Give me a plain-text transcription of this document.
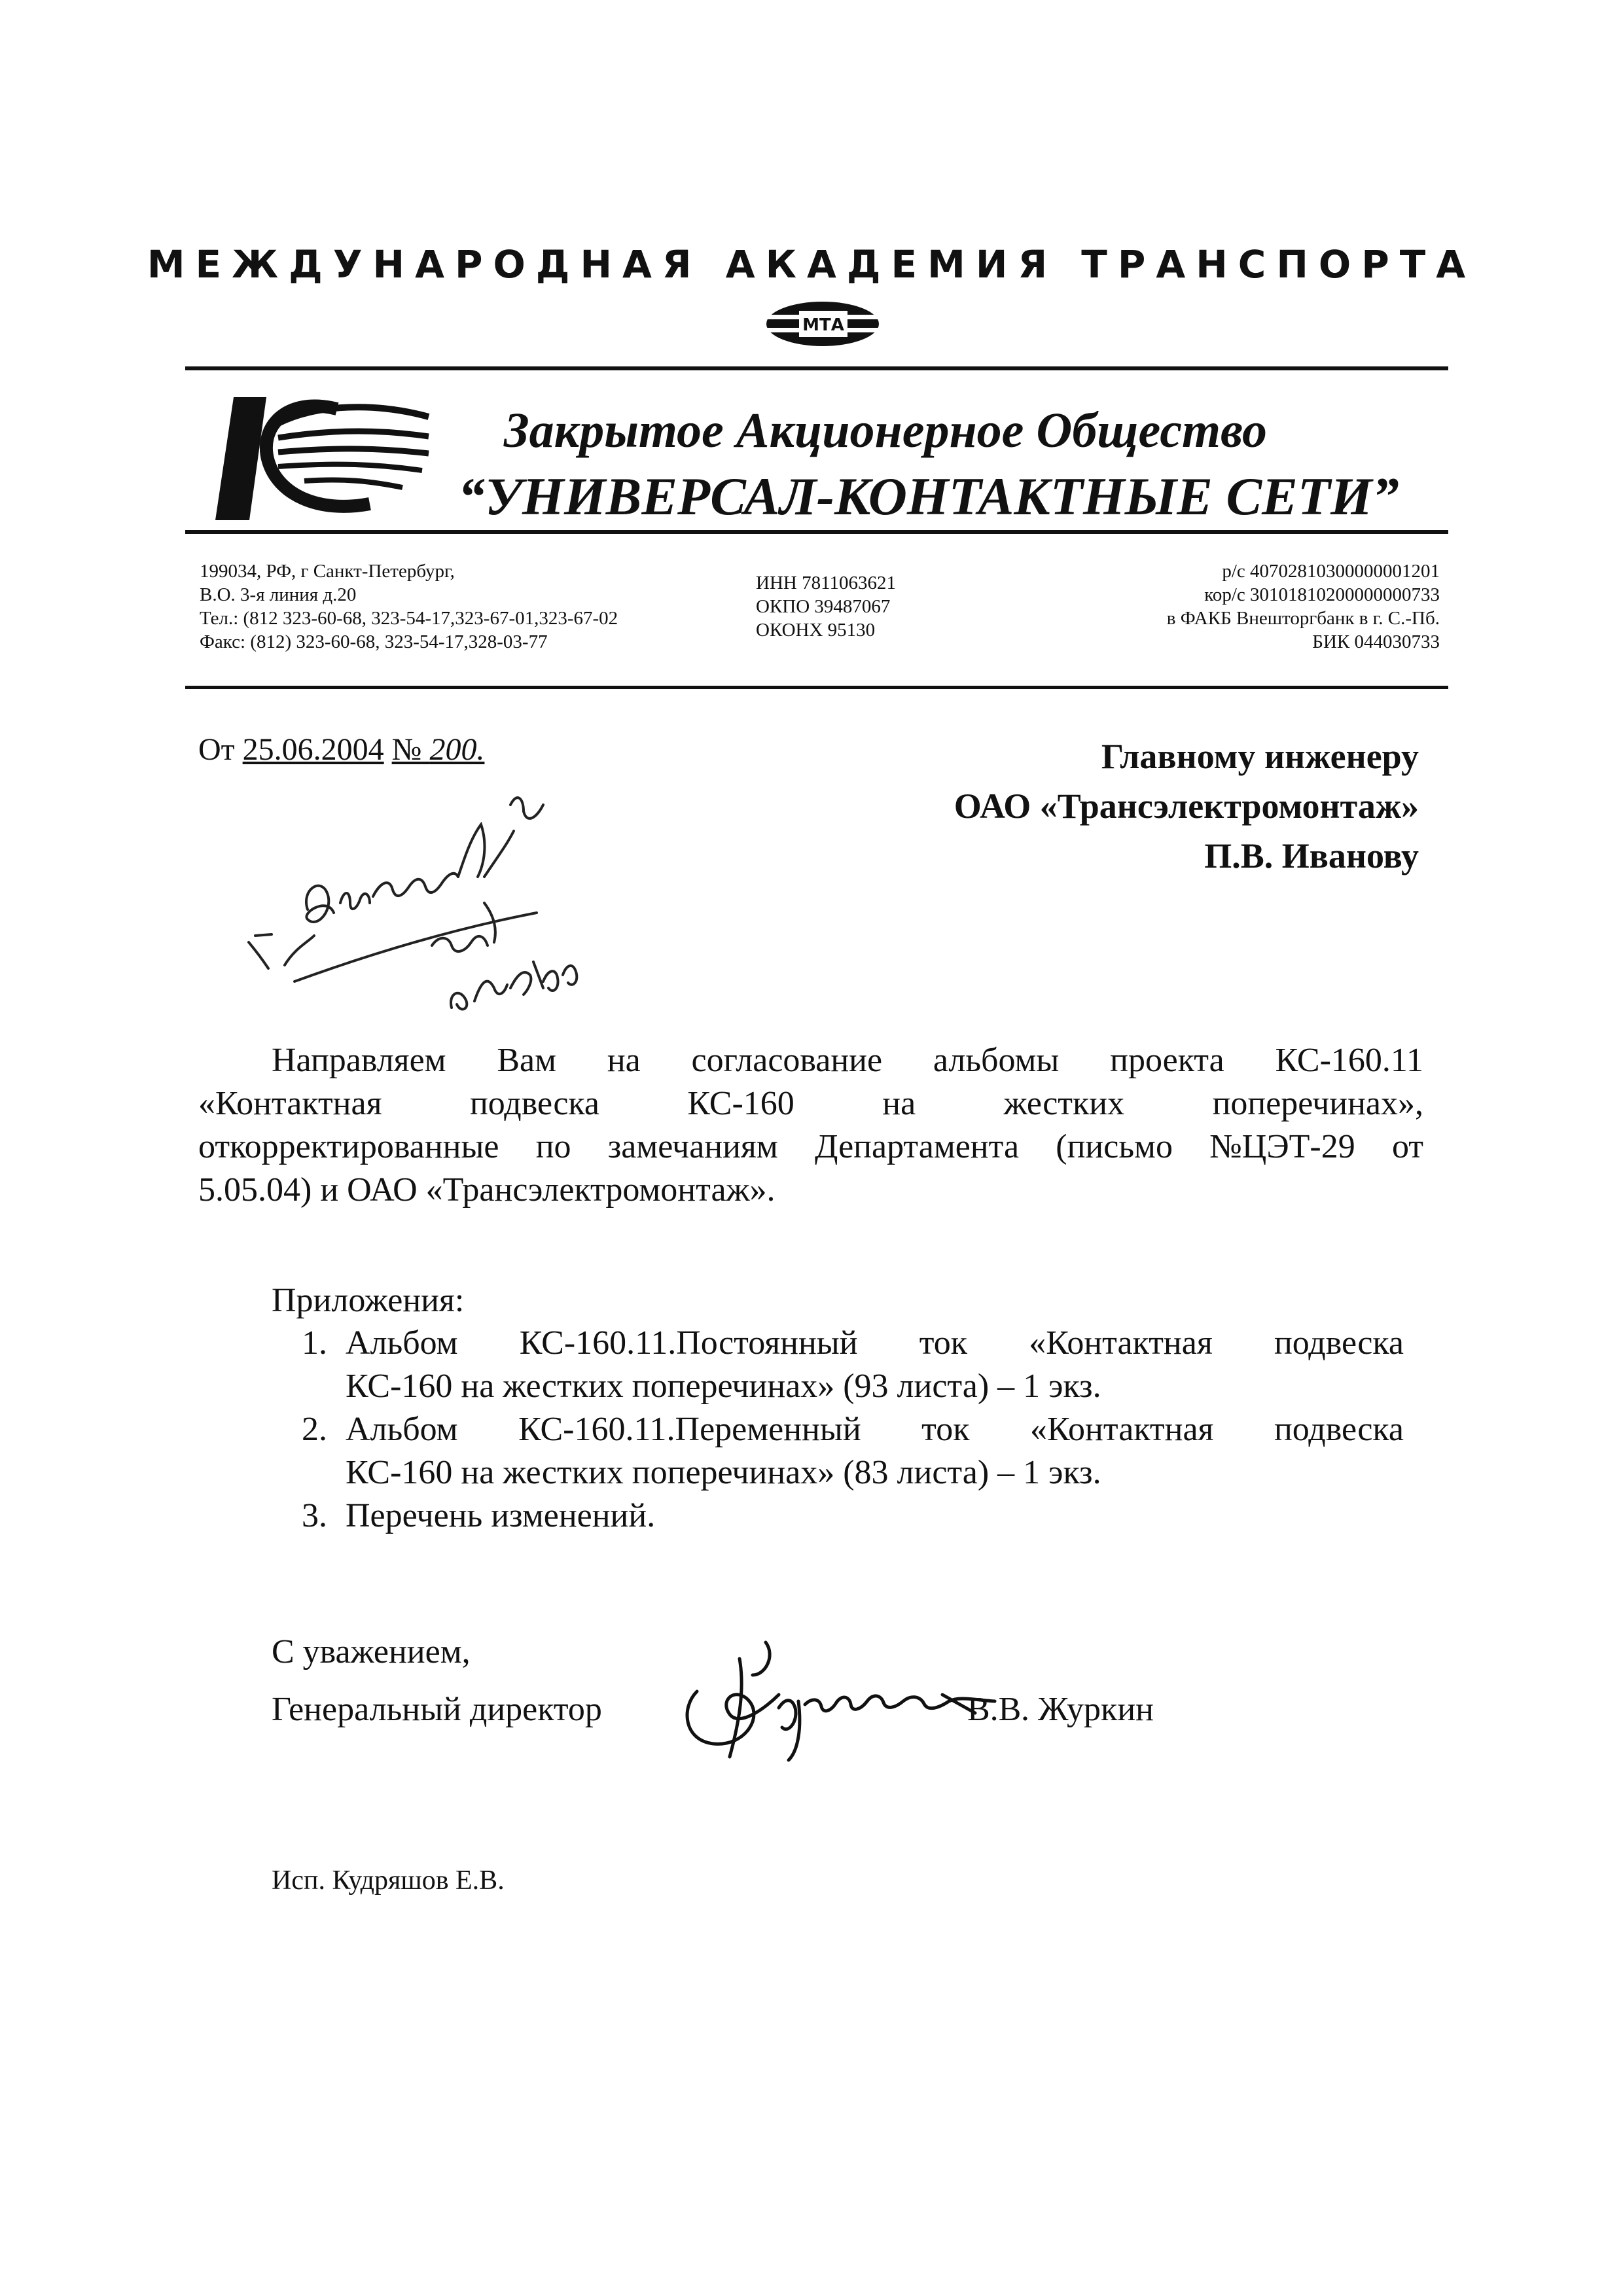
МЕЖДУНАРОДНАЯ АКАДЕМИЯ ТРАНСПОРТА
МТА
Закрытое Акционерное Общество
“УНИВЕРСАЛ-КОНТАКТНЫЕ СЕТИ”
199034, РФ, г Санкт-Петербург,
В.О. 3-я линия д.20
Тел.: (812 323-60-68, 323-54-17,323-67-01,323-67-02
Факс: (812) 323-60-68, 323-54-17,328-03-77
ИНН 7811063621
ОКПО 39487067
ОКОНХ 95130
р/с 40702810300000001201
кор/с 30101810200000000733
в ФАКБ Внешторгбанк в г. С.-Пб.
БИК 044030733
От 25.06.2004 № 200.	Главному инженеру
ОАО «Трансэлектромонтаж»
П.В. Иванову
Направляем Вам на согласование альбомы проекта КС-160.11
«Контактная	подвеска	КС-160	на	жестких	поперечинах»,
откорректированные по замечаниям Департамента (письмо №ЦЭТ-29 от
5.05.04) и ОАО «Трансэлектромонтаж».
Приложения:
1. Альбом КС-160.11.Постоянный ток «Контактная подвеска
КС-160 на жестких поперечинах» (93 листа) – 1 экз.
2. Альбом КС-160.11.Переменный ток «Контактная подвеска
КС-160 на жестких поперечинах» (83 листа) – 1 экз.
3. Перечень изменений.
С уважением,
Генеральный директор	В.В . Журкин
Исп. Кудряшов Е.В.
